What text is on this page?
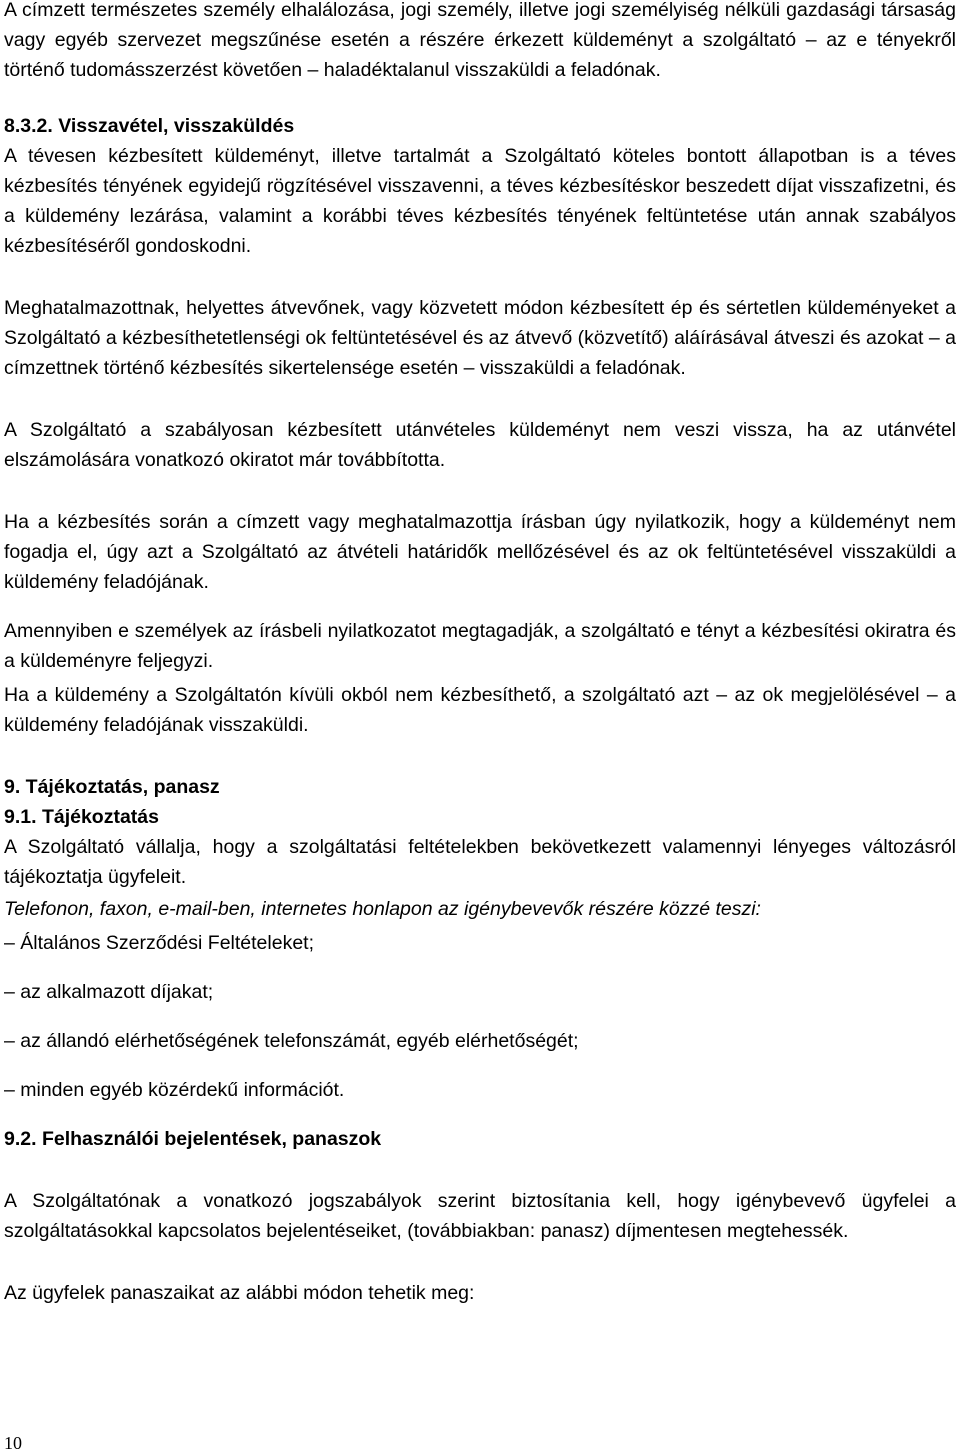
A címzett természetes személy elhalálozása, jogi személy, illetve jogi személyiség nélküli gazdasági társaság vagy egyéb szervezet megszűnése esetén a részére érkezett küldeményt a szolgáltató – az e tényekről történő tudomásszerzést követően – haladéktalanul visszaküldi a feladónak.

8.3.2. Visszavétel, visszaküldés

A tévesen kézbesített küldeményt, illetve tartalmát a Szolgáltató köteles bontott állapotban is a téves kézbesítés tényének egyidejű rögzítésével visszavenni, a téves kézbesítéskor beszedett díjat visszafizetni, és a küldemény lezárása, valamint a korábbi téves kézbesítés tényének feltüntetése után annak szabályos kézbesítéséről gondoskodni.

Meghatalmazottnak, helyettes átvevőnek, vagy közvetett módon kézbesített ép és sértetlen küldeményeket a Szolgáltató a kézbesíthetetlenségi ok feltüntetésével és az átvevő (közvetítő) aláírásával átveszi és azokat – a címzettnek történő kézbesítés sikertelensége esetén – visszaküldi a feladónak.

A Szolgáltató a szabályosan kézbesített utánvételes küldeményt nem veszi vissza, ha az utánvétel elszámolására vonatkozó okiratot már továbbította.

Ha a kézbesítés során a címzett vagy meghatalmazottja írásban úgy nyilatkozik, hogy a küldeményt nem fogadja el, úgy azt a Szolgáltató az átvételi határidők mellőzésével és az ok feltüntetésével visszaküldi a küldemény feladójának.

Amennyiben e személyek az írásbeli nyilatkozatot megtagadják, a szolgáltató e tényt a kézbesítési okiratra és a küldeményre feljegyzi.

Ha a küldemény a Szolgáltatón kívüli okból nem kézbesíthető, a szolgáltató azt – az ok megjelölésével – a küldemény feladójának visszaküldi.

9. Tájékoztatás, panasz

9.1. Tájékoztatás

A Szolgáltató vállalja, hogy a szolgáltatási feltételekben bekövetkezett valamennyi lényeges változásról tájékoztatja ügyfeleit.

Telefonon, faxon, e-mail-ben, internetes honlapon az igénybevevők részére közzé teszi:

– Általános Szerződési Feltételeket;

– az alkalmazott díjakat;

– az állandó elérhetőségének telefonszámát, egyéb elérhetőségét;

– minden egyéb közérdekű információt.

9.2. Felhasználói bejelentések, panaszok

A Szolgáltatónak a vonatkozó jogszabályok szerint biztosítania kell, hogy igénybevevő ügyfelei a szolgáltatásokkal kapcsolatos bejelentéseiket, (továbbiakban: panasz) díjmentesen megtehessék.

Az ügyfelek panaszaikat az alábbi módon tehetik meg:

10
